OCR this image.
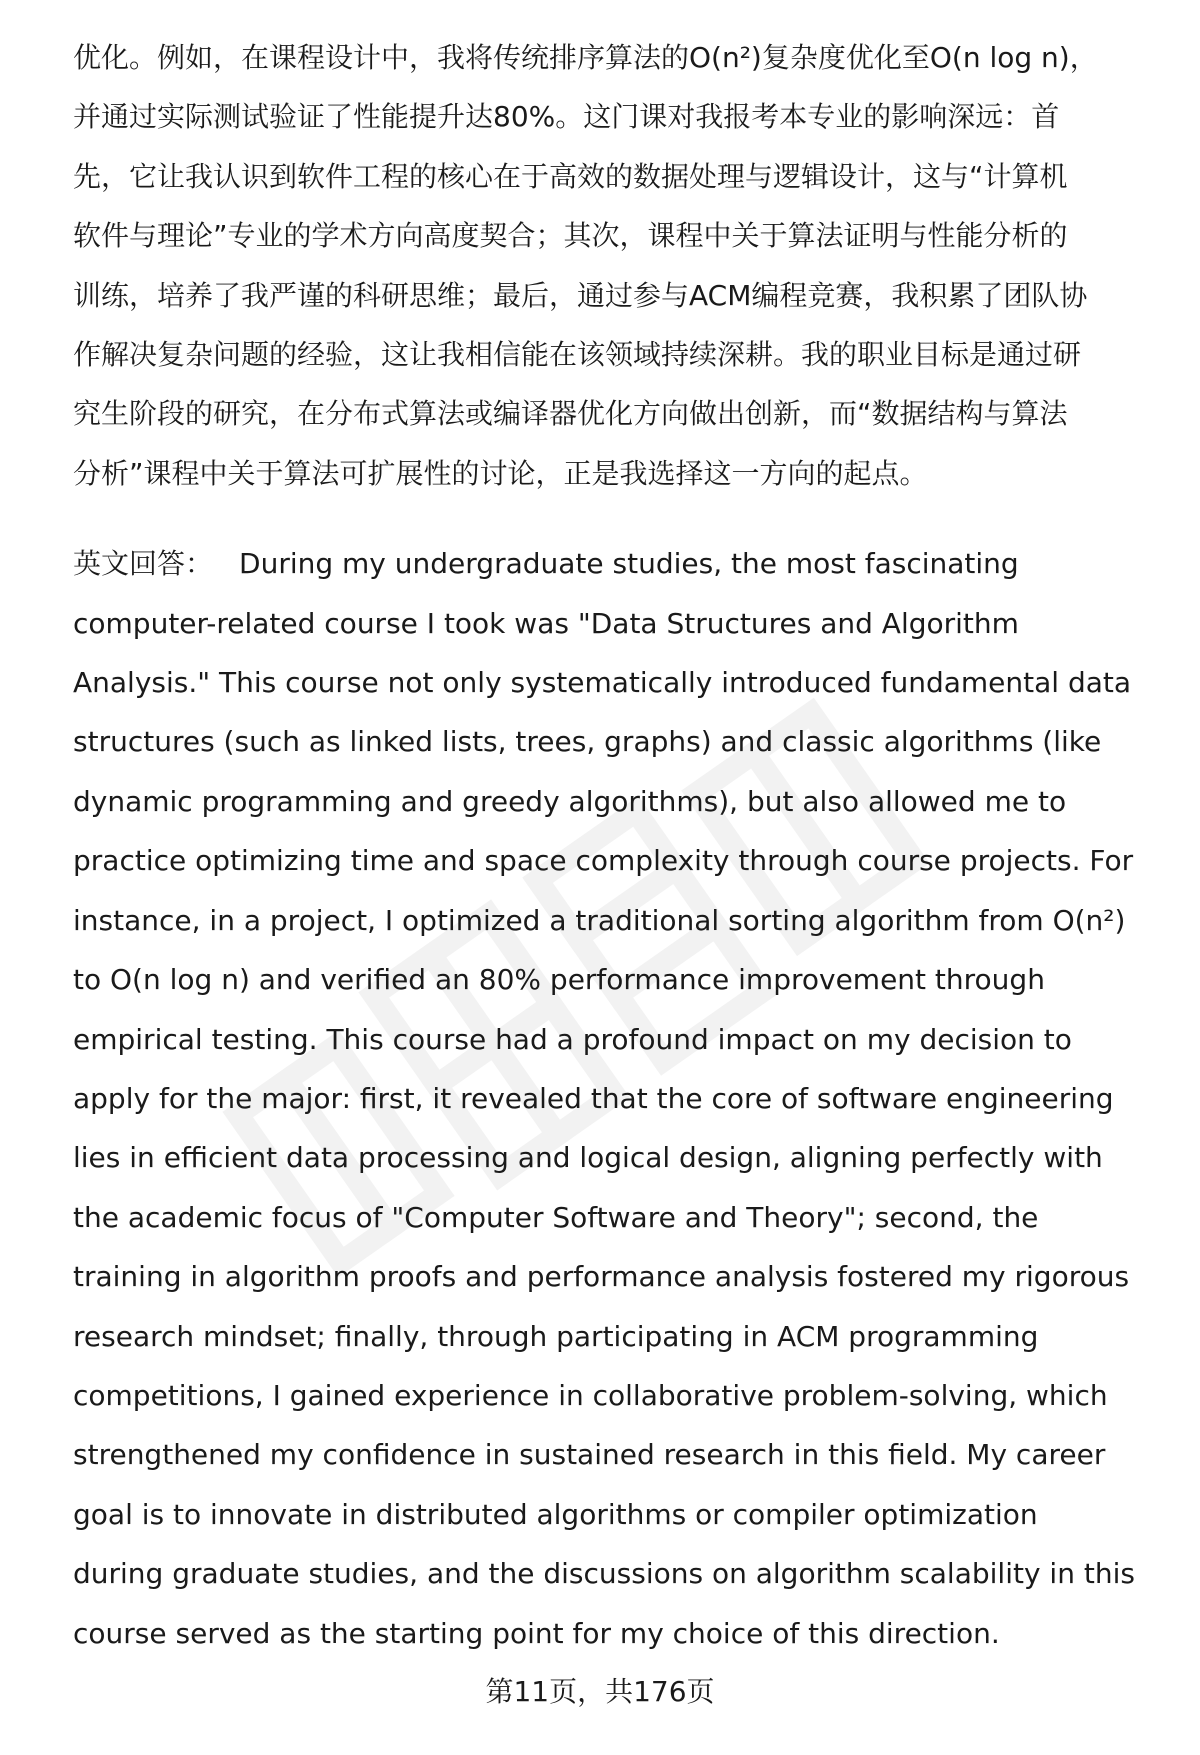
优化。例如，在课程设计中，我将传统排序算法的O(n²)复杂度优化至O(n log n)，
并通过实际测试验证了性能提升达80%。这门课对我报考本专业的影响深远：首
先，它让我认识到软件工程的核心在于高效的数据处理与逻辑设计，这与“计算机
软件与理论”专业的学术方向高度契合；其次，课程中关于算法证明与性能分析的
训练，培养了我严谨的科研思维；最后，通过参与ACM编程竞赛，我积累了团队协
作解决复杂问题的经验，这让我相信能在该领域持续深耕。我的职业目标是通过研
究生阶段的研究，在分布式算法或编译器优化方向做出创新，而“数据结构与算法
分析”课程中关于算法可扩展性的讨论，正是我选择这一方向的起点。
英文回答： During my undergraduate studies, the most fascinating
computer-related course I took was "Data Structures and Algorithm
Analysis." This course not only systematically introduced fundamental data
structures (such as linked lists, trees, graphs) and classic algorithms (like
dynamic programming and greedy algorithms), but also allowed me to
practice optimizing time and space complexity through course projects. For
instance, in a project, I optimized a traditional sorting algorithm from O(n²)
to O(n log n) and verified an 80% performance improvement through
empirical testing. This course had a profound impact on my decision to
apply for the major: first, it revealed that the core of software engineering
lies in efficient data processing and logical design, aligning perfectly with
the academic focus of "Computer Software and Theory"; second, the
training in algorithm proofs and performance analysis fostered my rigorous
research mindset; finally, through participating in ACM programming
competitions, I gained experience in collaborative problem-solving, which
strengthened my confidence in sustained research in this field. My career
goal is to innovate in distributed algorithms or compiler optimization
during graduate studies, and the discussions on algorithm scalability in this
course served as the starting point for my choice of this direction.
第11页，共176页
